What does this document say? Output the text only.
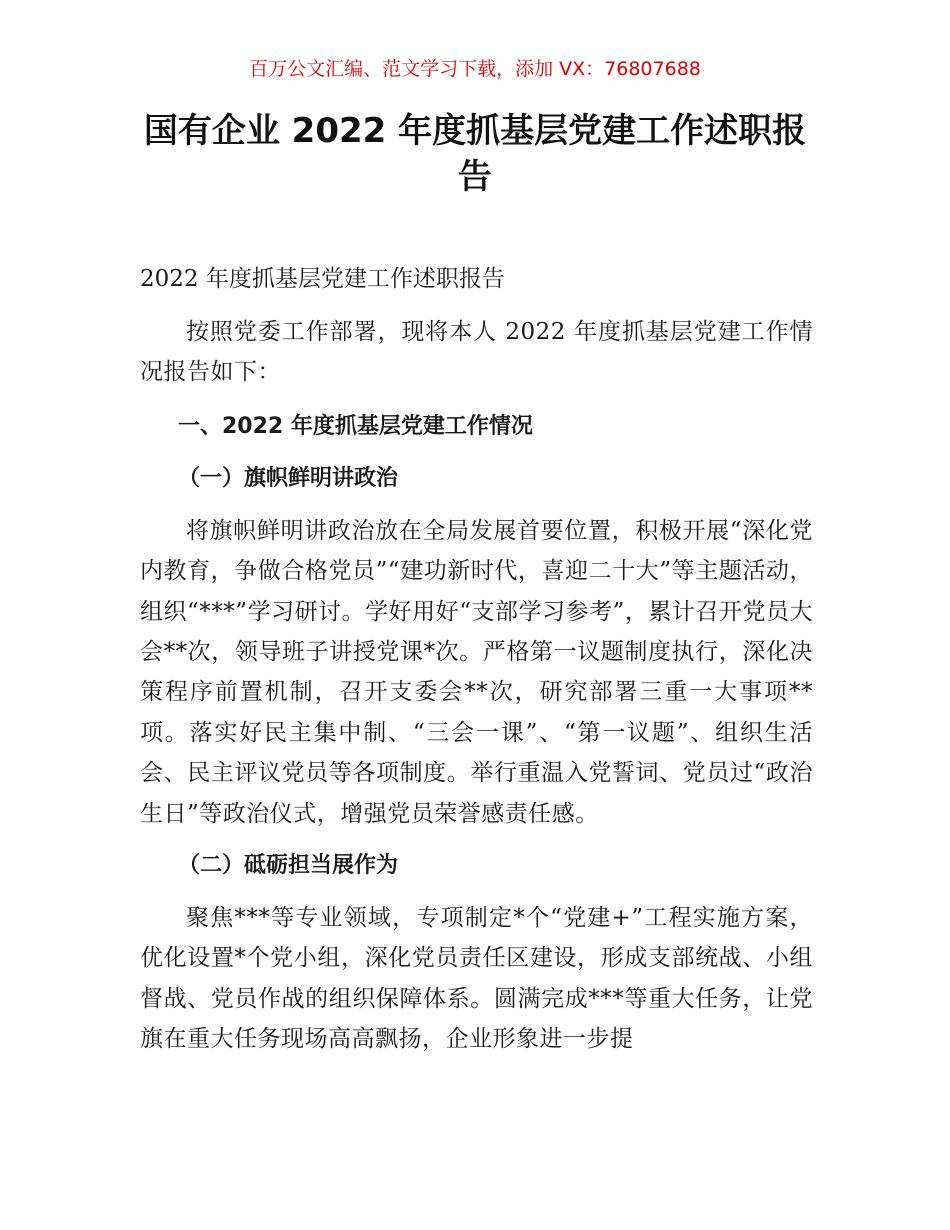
百万公文汇编、范文学习下载，添加 VX：76807688
国有企业 2022 年度抓基层党建工作述职报告
2022 年度抓基层党建工作述职报告

按照党委工作部署，现将本人 2022 年度抓基层党建工作情况报告如下：

一、2022 年度抓基层党建工作情况
（一）旗帜鲜明讲政治

将旗帜鲜明讲政治放在全局发展首要位置，积极开展“深化党内教育，争做合格党员”“建功新时代，喜迎二十大”等主题活动，组织“***”学习研讨。学好用好“支部学习参考”，累计召开党员大会**次，领导班子讲授党课*次。严格第一议题制度执行，深化决策程序前置机制，召开支委会**次，研究部署三重一大事项**项。落实好民主集中制、“三会一课”、“第一议题”、组织生活会、民主评议党员等各项制度。举行重温入党誓词、党员过“政治生日”等政治仪式，增强党员荣誉感责任感。

（二）砥砺担当展作为

聚焦***等专业领域，专项制定*个“党建+”工程实施方案，优化设置*个党小组，深化党员责任区建设，形成支部统战、小组督战、党员作战的组织保障体系。圆满完成***等重大任务，让党旗在重大任务现场高高飘扬，企业形象进一步提
